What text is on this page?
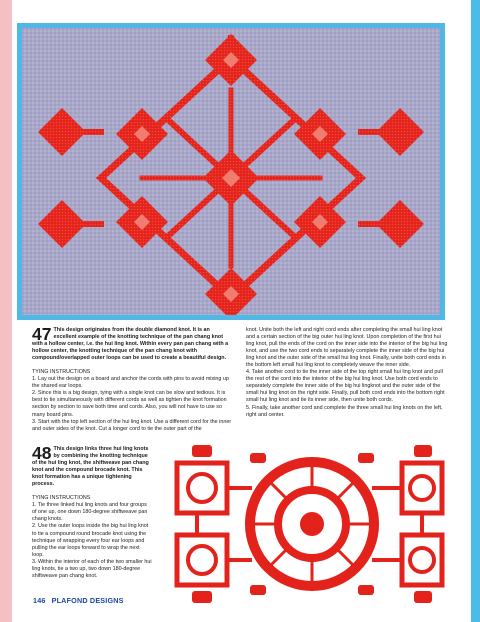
47 This design originates from the double diamond knot. It is an excellent example of the knotting technique of the pan chang knot with a hollow center, i.e. the hui ling knot. Within every pan pan chang with a hollow center, the knotting technique of the pan chang knot with compound/overlapped outer loops can be used to create a beautiful design.

TYING INSTRUCTIONS

1. Lay out the design on a board and anchor the cords with pins to avoid mixing up the shared ear loops.
2. Since this is a big design, tying with a single knot can be slow and tedious. It is best to tie simultaneously with different cords as well as tighten the knot formation section by section to save both time and cords. Also, you will not have to use so many board pins.
3. Start with the top left section of the hui ling knot. Use a different cord for the inner and outer sides of the knot. Cut a longer cord to tie the outer part of the
knot. Unite both the left and right cord ends after completing the small hui ling knot and a certain section of the big outer hui ling knot. Upon completion of the first hui ling knot, pull the ends of the cord on the inner side into the interior of the big hui ling knot, and use the two cord ends to separately complete the inner side of the big hui ling knot and the outer side of the small hui ling knot. Finally, unite both cord ends in the bottom left small hui ling knot to completely weave the inner side.
4. Take another cord to tie the inner side of the top right small hui ling knot and pull the rest of the cord into the interior of the big hui ling knot. Use both cord ends to separately complete the inner side of the big hui lingknot and the outer side of the small hui ling knot on the right side. Finally, pull both cord ends into the bottom right small hui ling knot and tie its inner side, then unite both cords.
5. Finally, take another cord and complete the three small hui ling knots on the left, right and center.

48 This design links three hui ling knots by combining the knotting technique of the hui ling knot, the shiftweave pan chang knot and the compound brocade knot. This knot formation has a unique tightening process.

TYING INSTRUCTIONS

1. Tie three linked hui ling knots and four groups of one up, one down 180-degree shiftweave pan chang knots.
2. Use the outer loops inside the big hui ling knot to tie a compound round brocade knot using the technique of wrapping every four ear loops and pulling the ear loops forward to wrap the next loop.
3. Within the interior of each of the two smaller hui ling knots, tie a two up, two down 180-degree shiftweave pan chang knot.
146 PLAFOND DESIGNS
